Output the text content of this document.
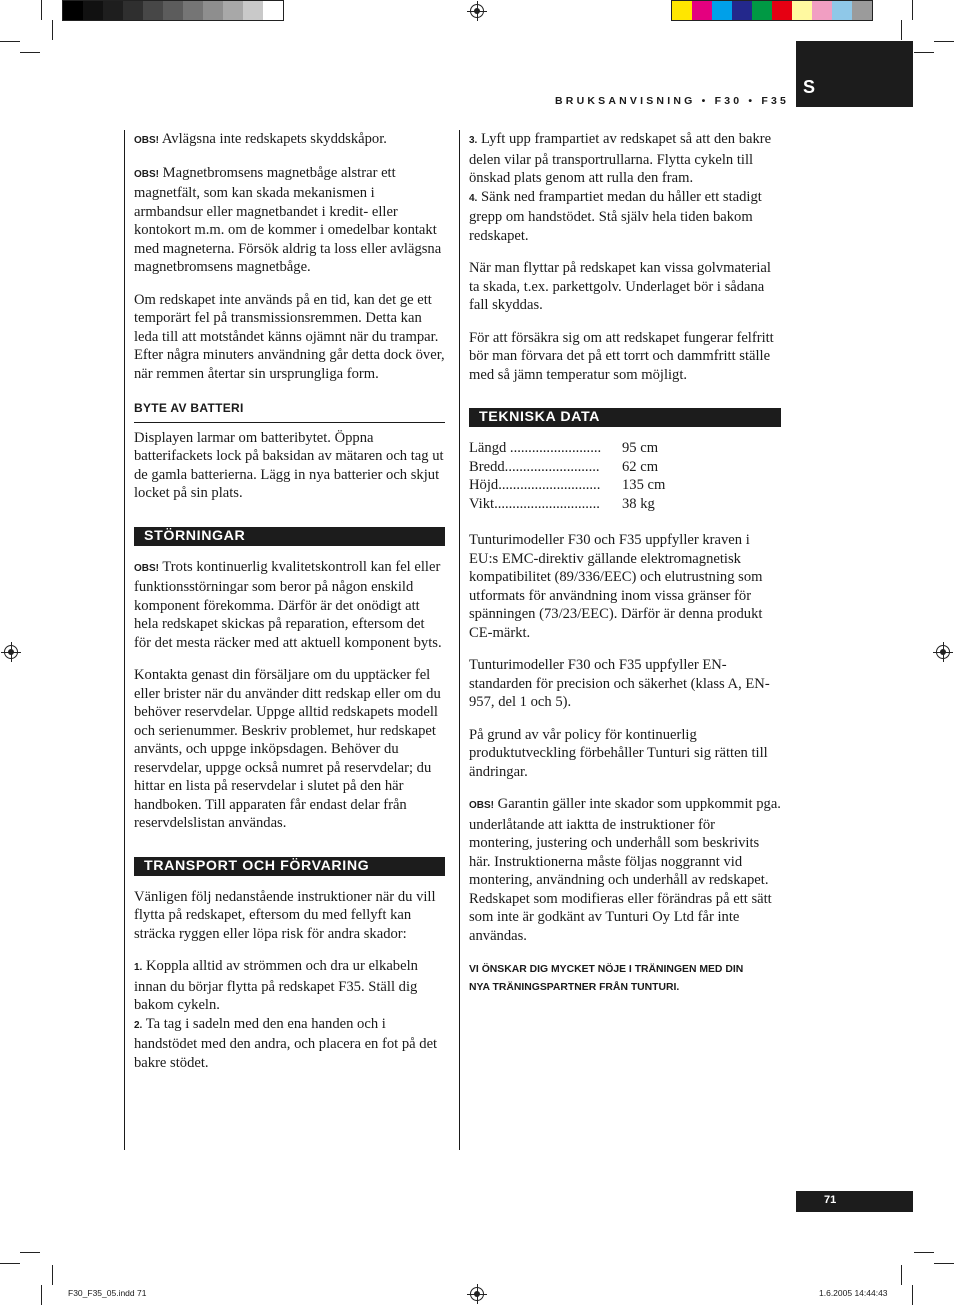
BRUKSANVISNING • F30 • F35
S

OBS! Avlägsna inte redskapets skyddskåpor.

OBS! Magnetbromsens magnetbåge alstrar ett magnetfält, som kan skada mekanismen i armbandsur eller magnetbandet i kredit- eller kontokort m.m. om de kommer i omedelbar kontakt med magneterna. Försök aldrig ta loss eller avlägsna magnetbromsens magnetbåge.

Om redskapet inte används på en tid, kan det ge ett temporärt fel på transmissionsremmen. Detta kan leda till att motståndet känns ojämnt när du trampar. Efter några minuters användning går detta dock över, när remmen återtar sin ursprungliga form.

BYTE AV BATTERI

Displayen larmar om batteribytet. Öppna batterifackets lock på baksidan av mätaren och tag ut de gamla batterierna. Lägg in nya batterier och skjut locket på sin plats.

STÖRNINGAR

OBS! Trots kontinuerlig kvalitetskontroll kan fel eller funktionsstörningar som beror på någon enskild komponent förekomma. Därför är det onödigt att hela redskapet skickas på reparation, eftersom det för det mesta räcker med att aktuell komponent byts.

Kontakta genast din försäljare om du upptäcker fel eller brister när du använder ditt redskap eller om du behöver reservdelar. Uppge alltid redskapets modell och serienummer. Beskriv problemet, hur redskapet använts, och uppge inköpsdagen. Behöver du reservdelar, uppge också numret på reservdelar; du hittar en lista på reservdelar i slutet på den här handboken. Till apparaten får endast delar från reservdelslistan användas.

TRANSPORT OCH FÖRVARING

Vänligen följ nedanstående instruktioner när du vill flytta på redskapet, eftersom du med fellyft kan sträcka ryggen eller löpa risk för andra skador:

1. Koppla alltid av strömmen och dra ur elkabeln innan du börjar flytta på redskapet F35. Ställ dig bakom cykeln.

2. Ta tag i sadeln med den ena handen och i handstödet med den andra, och placera en fot på det bakre stödet.

3. Lyft upp frampartiet av redskapet så att den bakre delen vilar på transportrullarna. Flytta cykeln till önskad plats genom att rulla den fram.

4. Sänk ned frampartiet medan du håller ett stadigt grepp om handstödet. Stå själv hela tiden bakom redskapet.

När man flyttar på redskapet kan vissa golvmaterial ta skada, t.ex. parkettgolv. Underlaget bör i sådana fall skyddas.

För att försäkra sig om att redskapet fungerar felfritt bör man förvara det på ett torrt och dammfritt ställe med så jämn temperatur som möjligt.

TEKNISKA DATA
Längd .........................	95 cm
Bredd..........................	62 cm
Höjd............................	135 cm
Vikt.............................	38 kg

Tunturimodeller F30 och F35 uppfyller kraven i EU:s EMC-direktiv gällande elektromagnetisk kompatibilitet (89/336/EEC) och elutrustning som utformats för användning inom vissa gränser för spänningen (73/23/EEC). Därför är denna produkt CE-märkt.

Tunturimodeller F30 och F35 uppfyller EN-standarden för precision och säkerhet (klass A, EN-957, del 1 och 5).

På grund av vår policy för kontinuerlig produktutveckling förbehåller Tunturi sig rätten till ändringar.

OBS! Garantin gäller inte skador som uppkommit pga. underlåtande att iaktta de instruktioner för montering, justering och underhåll som beskrivits här. Instruktionerna måste följas noggrannt vid montering, användning och underhåll av redskapet. Redskapet som modifieras eller förändras på ett sätt som inte är godkänt av Tunturi Oy Ltd får inte användas.

VI ÖNSKAR DIG MYCKET NÖJE I TRÄNINGEN MED DIN
NYA TRÄNINGSPARTNER FRÅN TUNTURI.
71
F30_F35_05.indd 71	1.6.2005 14:44:43
